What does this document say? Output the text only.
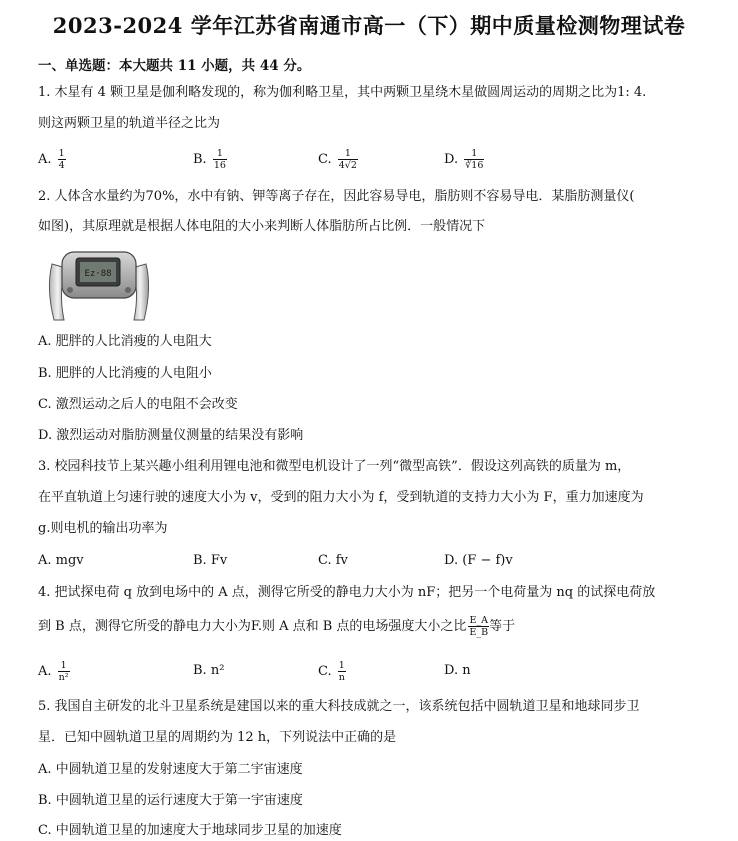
2023-2024 学年江苏省南通市高一（下）期中质量检测物理试卷
一、单选题：本大题共 11 小题，共 44 分。
1. 木星有 4 颗卫星是伽利略发现的，称为伽利略卫星，其中两颗卫星绕木星做圆周运动的周期之比为1: 4.
则这两颗卫星的轨道半径之比为
A. $\frac{1}{4}$	B. $\frac{1}{16}$	C. $\frac{1}{4√2}$	D. $\frac{1}{∛16}$
2. 人体含水量约为70%，水中有钠、钾等离子存在，因此容易导电，脂肪则不容易导电．某脂肪测量仪(
如图)，其原理就是根据人体电阻的大小来判断人体脂肪所占比例．一般情况下
Ez·88
A. 肥胖的人比消瘦的人电阻大
B. 肥胖的人比消瘦的人电阻小
C. 激烈运动之后人的电阻不会改变
D. 激烈运动对脂肪测量仪测量的结果没有影响
3. 校园科技节上某兴趣小组利用锂电池和微型电机设计了一列“微型高铁”．假设这列高铁的质量为 m，
在平直轨道上匀速行驶的速度大小为 v，受到的阻力大小为 f，受到轨道的支持力大小为 F，重力加速度为
g.则电机的输出功率为
A. mgv	B. Fv	C. fv	D. (F − f)v
4. 把试探电荷 q 放到电场中的 A 点，测得它所受的静电力大小为 nF；把另一个电荷量为 nq 的试探电荷放
到 B 点，测得它所受的静电力大小为F.则 A 点和 B 点的电场强度大小之比 $\frac{E\_A}{E\_B}$ 等于
A. $\frac{1}{\text{n²}}$	B. n²	C. $\frac{1}{n}$	D. n
5. 我国自主研发的北斗卫星系统是建国以来的重大科技成就之一，该系统包括中圆轨道卫星和地球同步卫
星．已知中圆轨道卫星的周期约为 12 h，下列说法中正确的是
A. 中圆轨道卫星的发射速度大于第二宇宙速度
B. 中圆轨道卫星的运行速度大于第一宇宙速度
C. 中圆轨道卫星的加速度大于地球同步卫星的加速度
